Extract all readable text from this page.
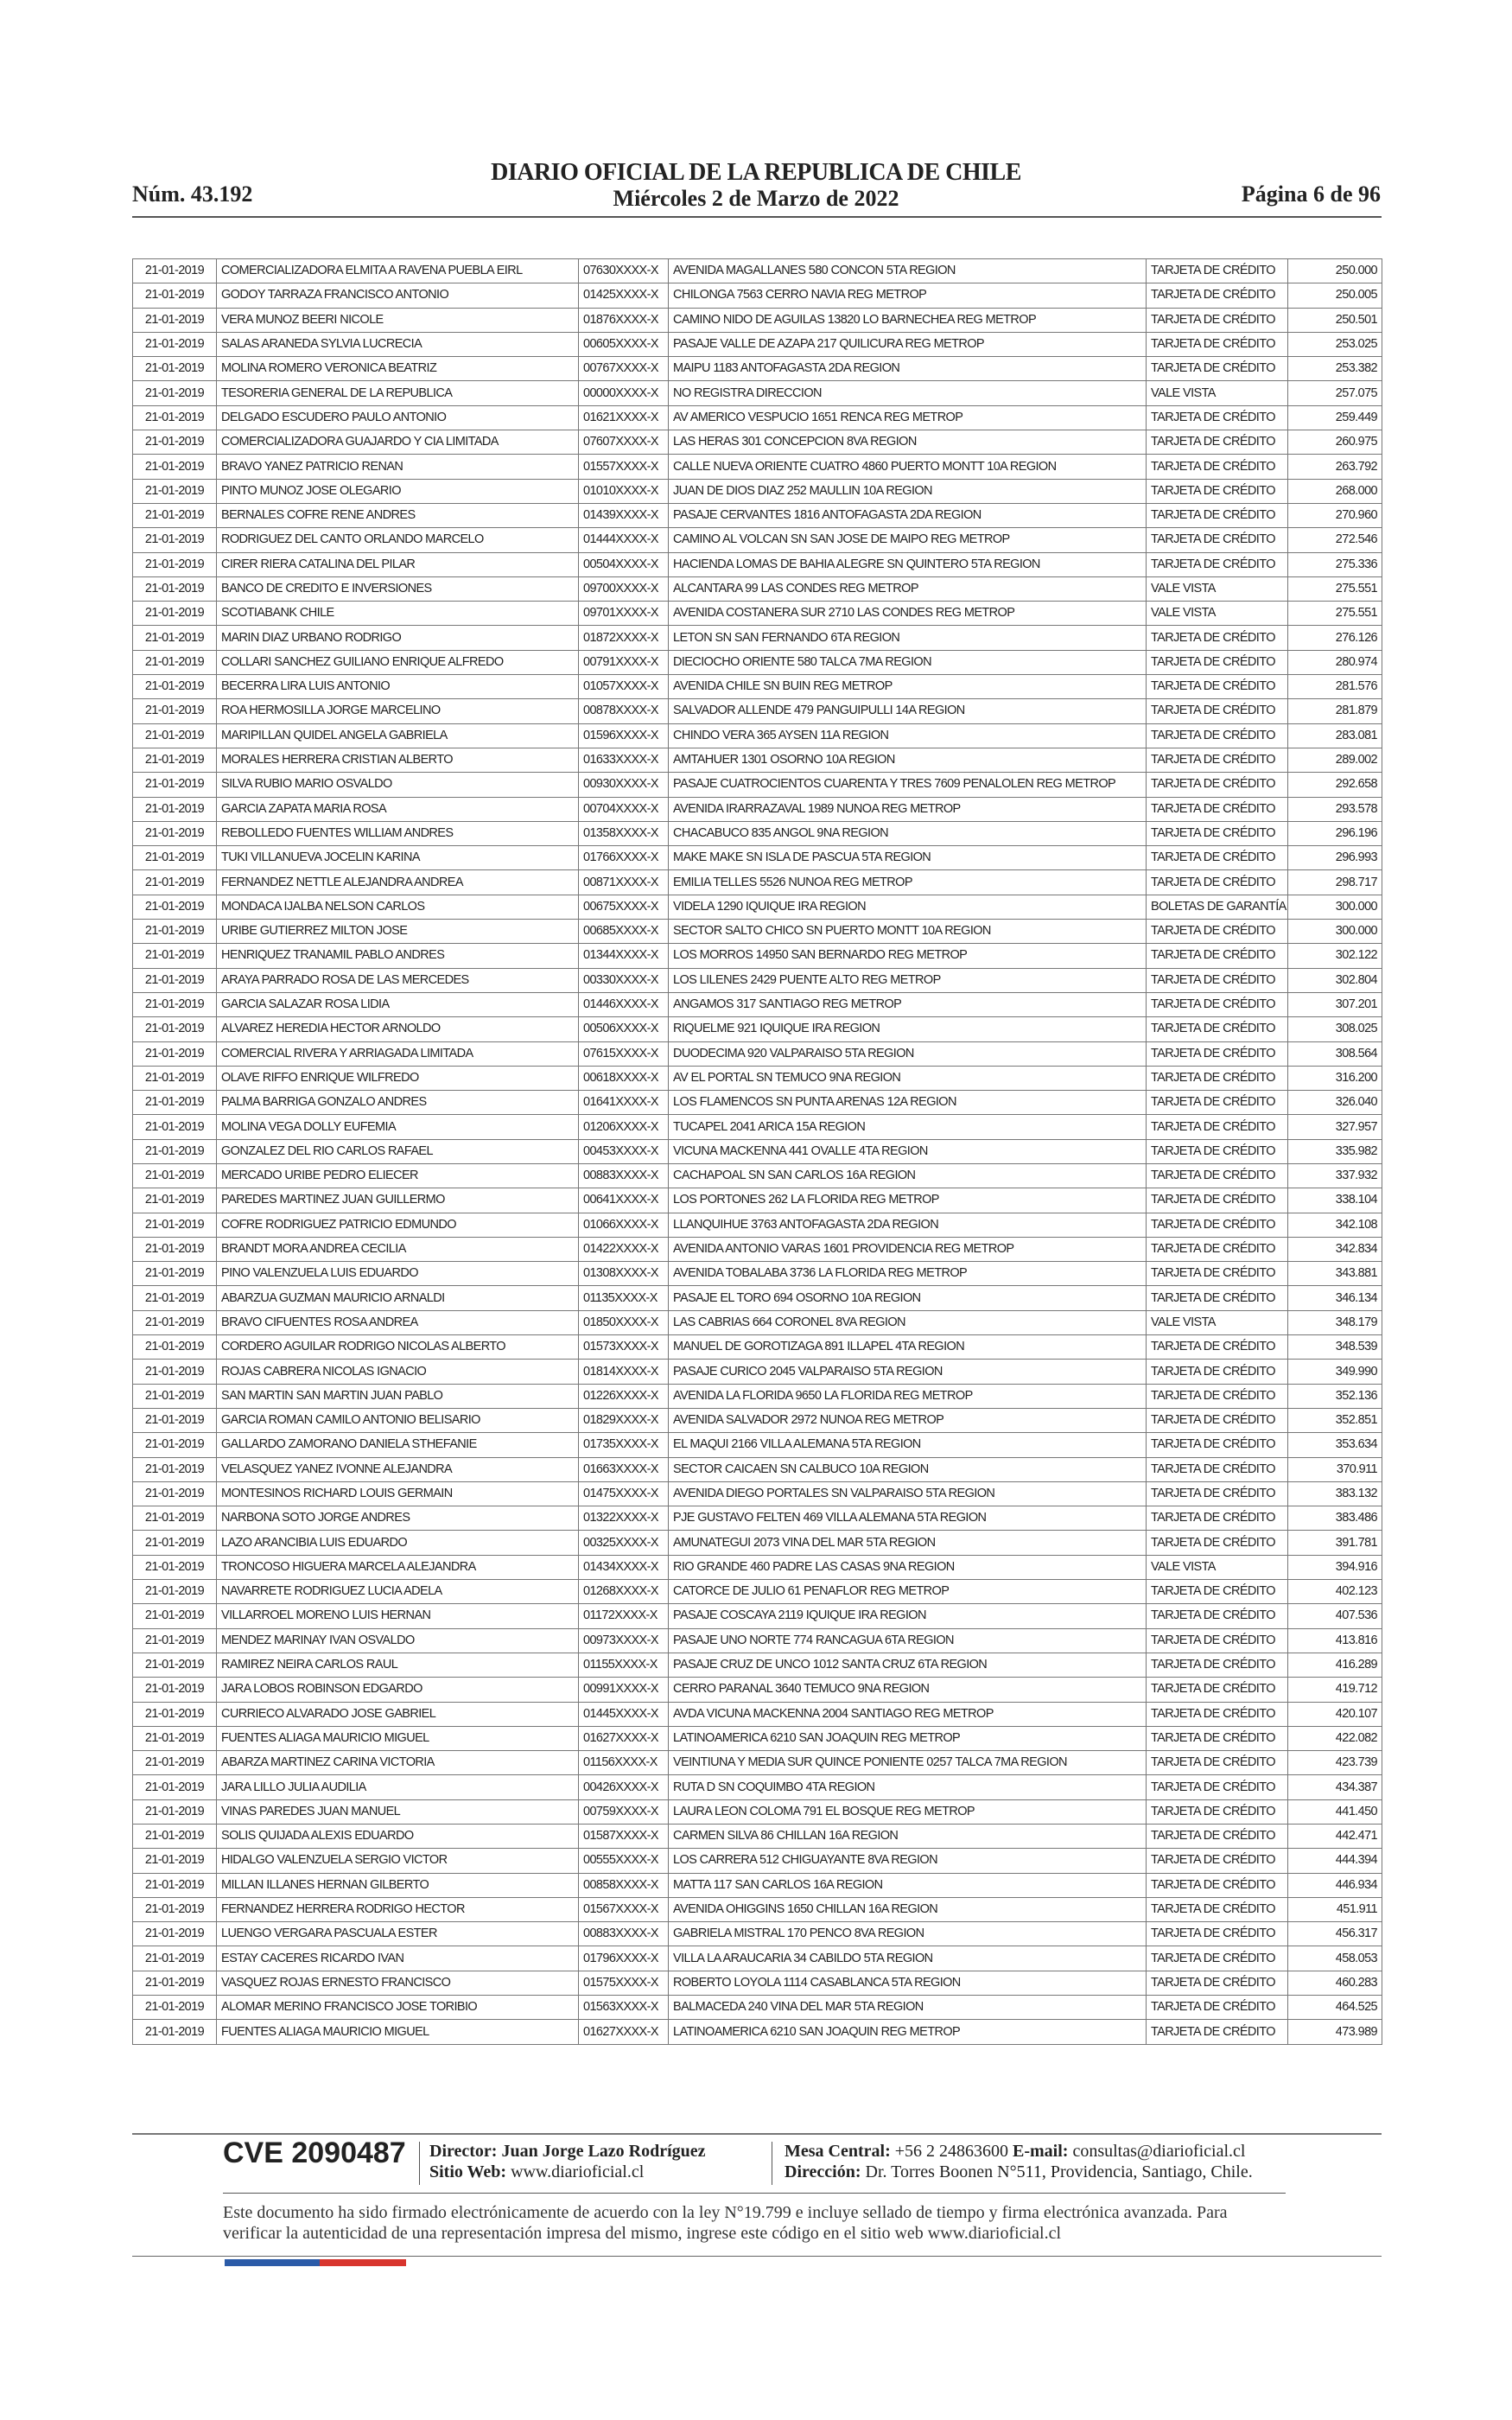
Núm. 43.192
DIARIO OFICIAL DE LA REPUBLICA DE CHILE
Miércoles 2 de Marzo de 2022	Página 6 de 96
21-01-2019	COMERCIALIZADORA ELMITA A RAVENA PUEBLA EIRL	07630XXXX-X	AVENIDA MAGALLANES 580 CONCON 5TA REGION	TARJETA DE CRÉDITO	250.000
21-01-2019	GODOY TARRAZA FRANCISCO ANTONIO	01425XXXX-X	CHILONGA 7563 CERRO NAVIA REG METROP	TARJETA DE CRÉDITO	250.005
21-01-2019	VERA MUNOZ BEERI NICOLE	01876XXXX-X	CAMINO NIDO DE AGUILAS 13820 LO BARNECHEA REG METROP	TARJETA DE CRÉDITO	250.501
21-01-2019	SALAS ARANEDA SYLVIA LUCRECIA	00605XXXX-X	PASAJE VALLE DE AZAPA 217 QUILICURA REG METROP	TARJETA DE CRÉDITO	253.025
21-01-2019	MOLINA ROMERO VERONICA BEATRIZ	00767XXXX-X	MAIPU 1183 ANTOFAGASTA 2DA REGION	TARJETA DE CRÉDITO	253.382
21-01-2019	TESORERIA GENERAL DE LA REPUBLICA	00000XXXX-X	NO REGISTRA DIRECCION	VALE VISTA	257.075
21-01-2019	DELGADO ESCUDERO PAULO ANTONIO	01621XXXX-X	AV AMERICO VESPUCIO 1651 RENCA REG METROP	TARJETA DE CRÉDITO	259.449
21-01-2019	COMERCIALIZADORA GUAJARDO Y CIA LIMITADA	07607XXXX-X	LAS HERAS 301 CONCEPCION 8VA REGION	TARJETA DE CRÉDITO	260.975
21-01-2019	BRAVO YANEZ PATRICIO RENAN	01557XXXX-X	CALLE NUEVA ORIENTE CUATRO 4860 PUERTO MONTT 10A REGION	TARJETA DE CRÉDITO	263.792
21-01-2019	PINTO MUNOZ JOSE OLEGARIO	01010XXXX-X	JUAN DE DIOS DIAZ 252 MAULLIN 10A REGION	TARJETA DE CRÉDITO	268.000
21-01-2019	BERNALES COFRE RENE ANDRES	01439XXXX-X	PASAJE CERVANTES 1816 ANTOFAGASTA 2DA REGION	TARJETA DE CRÉDITO	270.960
21-01-2019	RODRIGUEZ DEL CANTO ORLANDO MARCELO	01444XXXX-X	CAMINO AL VOLCAN SN SAN JOSE DE MAIPO REG METROP	TARJETA DE CRÉDITO	272.546
21-01-2019	CIRER RIERA CATALINA DEL PILAR	00504XXXX-X	HACIENDA LOMAS DE BAHIA ALEGRE SN QUINTERO 5TA REGION	TARJETA DE CRÉDITO	275.336
21-01-2019	BANCO DE CREDITO E INVERSIONES	09700XXXX-X	ALCANTARA 99 LAS CONDES REG METROP	VALE VISTA	275.551
21-01-2019	SCOTIABANK CHILE	09701XXXX-X	AVENIDA COSTANERA SUR 2710 LAS CONDES REG METROP	VALE VISTA	275.551
21-01-2019	MARIN DIAZ URBANO RODRIGO	01872XXXX-X	LETON SN SAN FERNANDO 6TA REGION	TARJETA DE CRÉDITO	276.126
21-01-2019	COLLARI SANCHEZ GUILIANO ENRIQUE ALFREDO	00791XXXX-X	DIECIOCHO ORIENTE 580 TALCA 7MA REGION	TARJETA DE CRÉDITO	280.974
21-01-2019	BECERRA LIRA LUIS ANTONIO	01057XXXX-X	AVENIDA CHILE SN BUIN REG METROP	TARJETA DE CRÉDITO	281.576
21-01-2019	ROA HERMOSILLA JORGE MARCELINO	00878XXXX-X	SALVADOR ALLENDE 479 PANGUIPULLI 14A REGION	TARJETA DE CRÉDITO	281.879
21-01-2019	MARIPILLAN QUIDEL ANGELA GABRIELA	01596XXXX-X	CHINDO VERA 365 AYSEN 11A REGION	TARJETA DE CRÉDITO	283.081
21-01-2019	MORALES HERRERA CRISTIAN ALBERTO	01633XXXX-X	AMTAHUER 1301 OSORNO 10A REGION	TARJETA DE CRÉDITO	289.002
21-01-2019	SILVA RUBIO MARIO OSVALDO	00930XXXX-X	PASAJE CUATROCIENTOS CUARENTA Y TRES 7609 PENALOLEN REG METROP	TARJETA DE CRÉDITO	292.658
21-01-2019	GARCIA ZAPATA MARIA ROSA	00704XXXX-X	AVENIDA IRARRAZAVAL 1989 NUNOA REG METROP	TARJETA DE CRÉDITO	293.578
21-01-2019	REBOLLEDO FUENTES WILLIAM ANDRES	01358XXXX-X	CHACABUCO 835 ANGOL 9NA REGION	TARJETA DE CRÉDITO	296.196
21-01-2019	TUKI VILLANUEVA JOCELIN KARINA	01766XXXX-X	MAKE MAKE SN ISLA DE PASCUA 5TA REGION	TARJETA DE CRÉDITO	296.993
21-01-2019	FERNANDEZ NETTLE ALEJANDRA ANDREA	00871XXXX-X	EMILIA TELLES 5526 NUNOA REG METROP	TARJETA DE CRÉDITO	298.717
21-01-2019	MONDACA IJALBA NELSON CARLOS	00675XXXX-X	VIDELA 1290 IQUIQUE IRA REGION	BOLETAS DE GARANTÍA	300.000
21-01-2019	URIBE GUTIERREZ MILTON JOSE	00685XXXX-X	SECTOR SALTO CHICO SN PUERTO MONTT 10A REGION	TARJETA DE CRÉDITO	300.000
21-01-2019	HENRIQUEZ TRANAMIL PABLO ANDRES	01344XXXX-X	LOS MORROS 14950 SAN BERNARDO REG METROP	TARJETA DE CRÉDITO	302.122
21-01-2019	ARAYA PARRADO ROSA DE LAS MERCEDES	00330XXXX-X	LOS LILENES 2429 PUENTE ALTO REG METROP	TARJETA DE CRÉDITO	302.804
21-01-2019	GARCIA SALAZAR ROSA LIDIA	01446XXXX-X	ANGAMOS 317 SANTIAGO REG METROP	TARJETA DE CRÉDITO	307.201
21-01-2019	ALVAREZ HEREDIA HECTOR ARNOLDO	00506XXXX-X	RIQUELME 921 IQUIQUE IRA REGION	TARJETA DE CRÉDITO	308.025
21-01-2019	COMERCIAL RIVERA Y ARRIAGADA LIMITADA	07615XXXX-X	DUODECIMA 920 VALPARAISO 5TA REGION	TARJETA DE CRÉDITO	308.564
21-01-2019	OLAVE RIFFO ENRIQUE WILFREDO	00618XXXX-X	AV EL PORTAL SN TEMUCO 9NA REGION	TARJETA DE CRÉDITO	316.200
21-01-2019	PALMA BARRIGA GONZALO ANDRES	01641XXXX-X	LOS FLAMENCOS SN PUNTA ARENAS 12A REGION	TARJETA DE CRÉDITO	326.040
21-01-2019	MOLINA VEGA DOLLY EUFEMIA	01206XXXX-X	TUCAPEL 2041 ARICA 15A REGION	TARJETA DE CRÉDITO	327.957
21-01-2019	GONZALEZ DEL RIO CARLOS RAFAEL	00453XXXX-X	VICUNA MACKENNA 441 OVALLE 4TA REGION	TARJETA DE CRÉDITO	335.982
21-01-2019	MERCADO URIBE PEDRO ELIECER	00883XXXX-X	CACHAPOAL SN SAN CARLOS 16A REGION	TARJETA DE CRÉDITO	337.932
21-01-2019	PAREDES MARTINEZ JUAN GUILLERMO	00641XXXX-X	LOS PORTONES 262 LA FLORIDA REG METROP	TARJETA DE CRÉDITO	338.104
21-01-2019	COFRE RODRIGUEZ PATRICIO EDMUNDO	01066XXXX-X	LLANQUIHUE 3763 ANTOFAGASTA 2DA REGION	TARJETA DE CRÉDITO	342.108
21-01-2019	BRANDT MORA ANDREA CECILIA	01422XXXX-X	AVENIDA ANTONIO VARAS 1601 PROVIDENCIA REG METROP	TARJETA DE CRÉDITO	342.834
21-01-2019	PINO VALENZUELA LUIS EDUARDO	01308XXXX-X	AVENIDA TOBALABA 3736 LA FLORIDA REG METROP	TARJETA DE CRÉDITO	343.881
21-01-2019	ABARZUA GUZMAN MAURICIO ARNALDI	01135XXXX-X	PASAJE EL TORO 694 OSORNO 10A REGION	TARJETA DE CRÉDITO	346.134
21-01-2019	BRAVO CIFUENTES ROSA ANDREA	01850XXXX-X	LAS CABRIAS 664 CORONEL 8VA REGION	VALE VISTA	348.179
21-01-2019	CORDERO AGUILAR RODRIGO NICOLAS ALBERTO	01573XXXX-X	MANUEL DE GOROTIZAGA 891 ILLAPEL 4TA REGION	TARJETA DE CRÉDITO	348.539
21-01-2019	ROJAS CABRERA NICOLAS IGNACIO	01814XXXX-X	PASAJE CURICO 2045 VALPARAISO 5TA REGION	TARJETA DE CRÉDITO	349.990
21-01-2019	SAN MARTIN SAN MARTIN JUAN PABLO	01226XXXX-X	AVENIDA LA FLORIDA 9650 LA FLORIDA REG METROP	TARJETA DE CRÉDITO	352.136
21-01-2019	GARCIA ROMAN CAMILO ANTONIO BELISARIO	01829XXXX-X	AVENIDA SALVADOR 2972 NUNOA REG METROP	TARJETA DE CRÉDITO	352.851
21-01-2019	GALLARDO ZAMORANO DANIELA STHEFANIE	01735XXXX-X	EL MAQUI 2166 VILLA ALEMANA 5TA REGION	TARJETA DE CRÉDITO	353.634
21-01-2019	VELASQUEZ YANEZ IVONNE ALEJANDRA	01663XXXX-X	SECTOR CAICAEN SN CALBUCO 10A REGION	TARJETA DE CRÉDITO	370.911
21-01-2019	MONTESINOS RICHARD LOUIS GERMAIN	01475XXXX-X	AVENIDA DIEGO PORTALES SN VALPARAISO 5TA REGION	TARJETA DE CRÉDITO	383.132
21-01-2019	NARBONA SOTO JORGE ANDRES	01322XXXX-X	PJE GUSTAVO FELTEN 469 VILLA ALEMANA 5TA REGION	TARJETA DE CRÉDITO	383.486
21-01-2019	LAZO ARANCIBIA LUIS EDUARDO	00325XXXX-X	AMUNATEGUI 2073 VINA DEL MAR 5TA REGION	TARJETA DE CRÉDITO	391.781
21-01-2019	TRONCOSO HIGUERA MARCELA ALEJANDRA	01434XXXX-X	RIO GRANDE 460 PADRE LAS CASAS 9NA REGION	VALE VISTA	394.916
21-01-2019	NAVARRETE RODRIGUEZ LUCIA ADELA	01268XXXX-X	CATORCE DE JULIO 61 PENAFLOR REG METROP	TARJETA DE CRÉDITO	402.123
21-01-2019	VILLARROEL MORENO LUIS HERNAN	01172XXXX-X	PASAJE COSCAYA 2119 IQUIQUE IRA REGION	TARJETA DE CRÉDITO	407.536
21-01-2019	MENDEZ MARINAY IVAN OSVALDO	00973XXXX-X	PASAJE UNO NORTE 774 RANCAGUA 6TA REGION	TARJETA DE CRÉDITO	413.816
21-01-2019	RAMIREZ NEIRA CARLOS RAUL	01155XXXX-X	PASAJE CRUZ DE UNCO 1012 SANTA CRUZ 6TA REGION	TARJETA DE CRÉDITO	416.289
21-01-2019	JARA LOBOS ROBINSON EDGARDO	00991XXXX-X	CERRO PARANAL 3640 TEMUCO 9NA REGION	TARJETA DE CRÉDITO	419.712
21-01-2019	CURRIECO ALVARADO JOSE GABRIEL	01445XXXX-X	AVDA VICUNA MACKENNA 2004 SANTIAGO REG METROP	TARJETA DE CRÉDITO	420.107
21-01-2019	FUENTES ALIAGA MAURICIO MIGUEL	01627XXXX-X	LATINOAMERICA 6210 SAN JOAQUIN REG METROP	TARJETA DE CRÉDITO	422.082
21-01-2019	ABARZA MARTINEZ CARINA VICTORIA	01156XXXX-X	VEINTIUNA Y MEDIA SUR QUINCE PONIENTE 0257 TALCA 7MA REGION	TARJETA DE CRÉDITO	423.739
21-01-2019	JARA LILLO JULIA AUDILIA	00426XXXX-X	RUTA D SN COQUIMBO 4TA REGION	TARJETA DE CRÉDITO	434.387
21-01-2019	VINAS PAREDES JUAN MANUEL	00759XXXX-X	LAURA LEON COLOMA 791 EL BOSQUE REG METROP	TARJETA DE CRÉDITO	441.450
21-01-2019	SOLIS QUIJADA ALEXIS EDUARDO	01587XXXX-X	CARMEN SILVA 86 CHILLAN 16A REGION	TARJETA DE CRÉDITO	442.471
21-01-2019	HIDALGO VALENZUELA SERGIO VICTOR	00555XXXX-X	LOS CARRERA 512 CHIGUAYANTE 8VA REGION	TARJETA DE CRÉDITO	444.394
21-01-2019	MILLAN ILLANES HERNAN GILBERTO	00858XXXX-X	MATTA 117 SAN CARLOS 16A REGION	TARJETA DE CRÉDITO	446.934
21-01-2019	FERNANDEZ HERRERA RODRIGO HECTOR	01567XXXX-X	AVENIDA OHIGGINS 1650 CHILLAN 16A REGION	TARJETA DE CRÉDITO	451.911
21-01-2019	LUENGO VERGARA PASCUALA ESTER	00883XXXX-X	GABRIELA MISTRAL 170 PENCO 8VA REGION	TARJETA DE CRÉDITO	456.317
21-01-2019	ESTAY CACERES RICARDO IVAN	01796XXXX-X	VILLA LA ARAUCARIA 34 CABILDO 5TA REGION	TARJETA DE CRÉDITO	458.053
21-01-2019	VASQUEZ ROJAS ERNESTO FRANCISCO	01575XXXX-X	ROBERTO LOYOLA 1114 CASABLANCA 5TA REGION	TARJETA DE CRÉDITO	460.283
21-01-2019	ALOMAR MERINO FRANCISCO JOSE TORIBIO	01563XXXX-X	BALMACEDA 240 VINA DEL MAR 5TA REGION	TARJETA DE CRÉDITO	464.525
21-01-2019	FUENTES ALIAGA MAURICIO MIGUEL	01627XXXX-X	LATINOAMERICA 6210 SAN JOAQUIN REG METROP	TARJETA DE CRÉDITO	473.989
CVE 2090487 Director: Juan Jorge Lazo Rodríguez
Sitio Web: www.diarioficial.cl
Mesa Central: +56 2 24863600 E-mail: consultas@diarioficial.cl
Dirección: Dr. Torres Boonen N°511, Providencia, Santiago, Chile.
Este documento ha sido firmado electrónicamente de acuerdo con la ley N°19.799 e incluye sellado de tiempo y firma electrónica avanzada. Para verificar la autenticidad de una representación impresa del mismo, ingrese este código en el sitio web www.diarioficial.cl
